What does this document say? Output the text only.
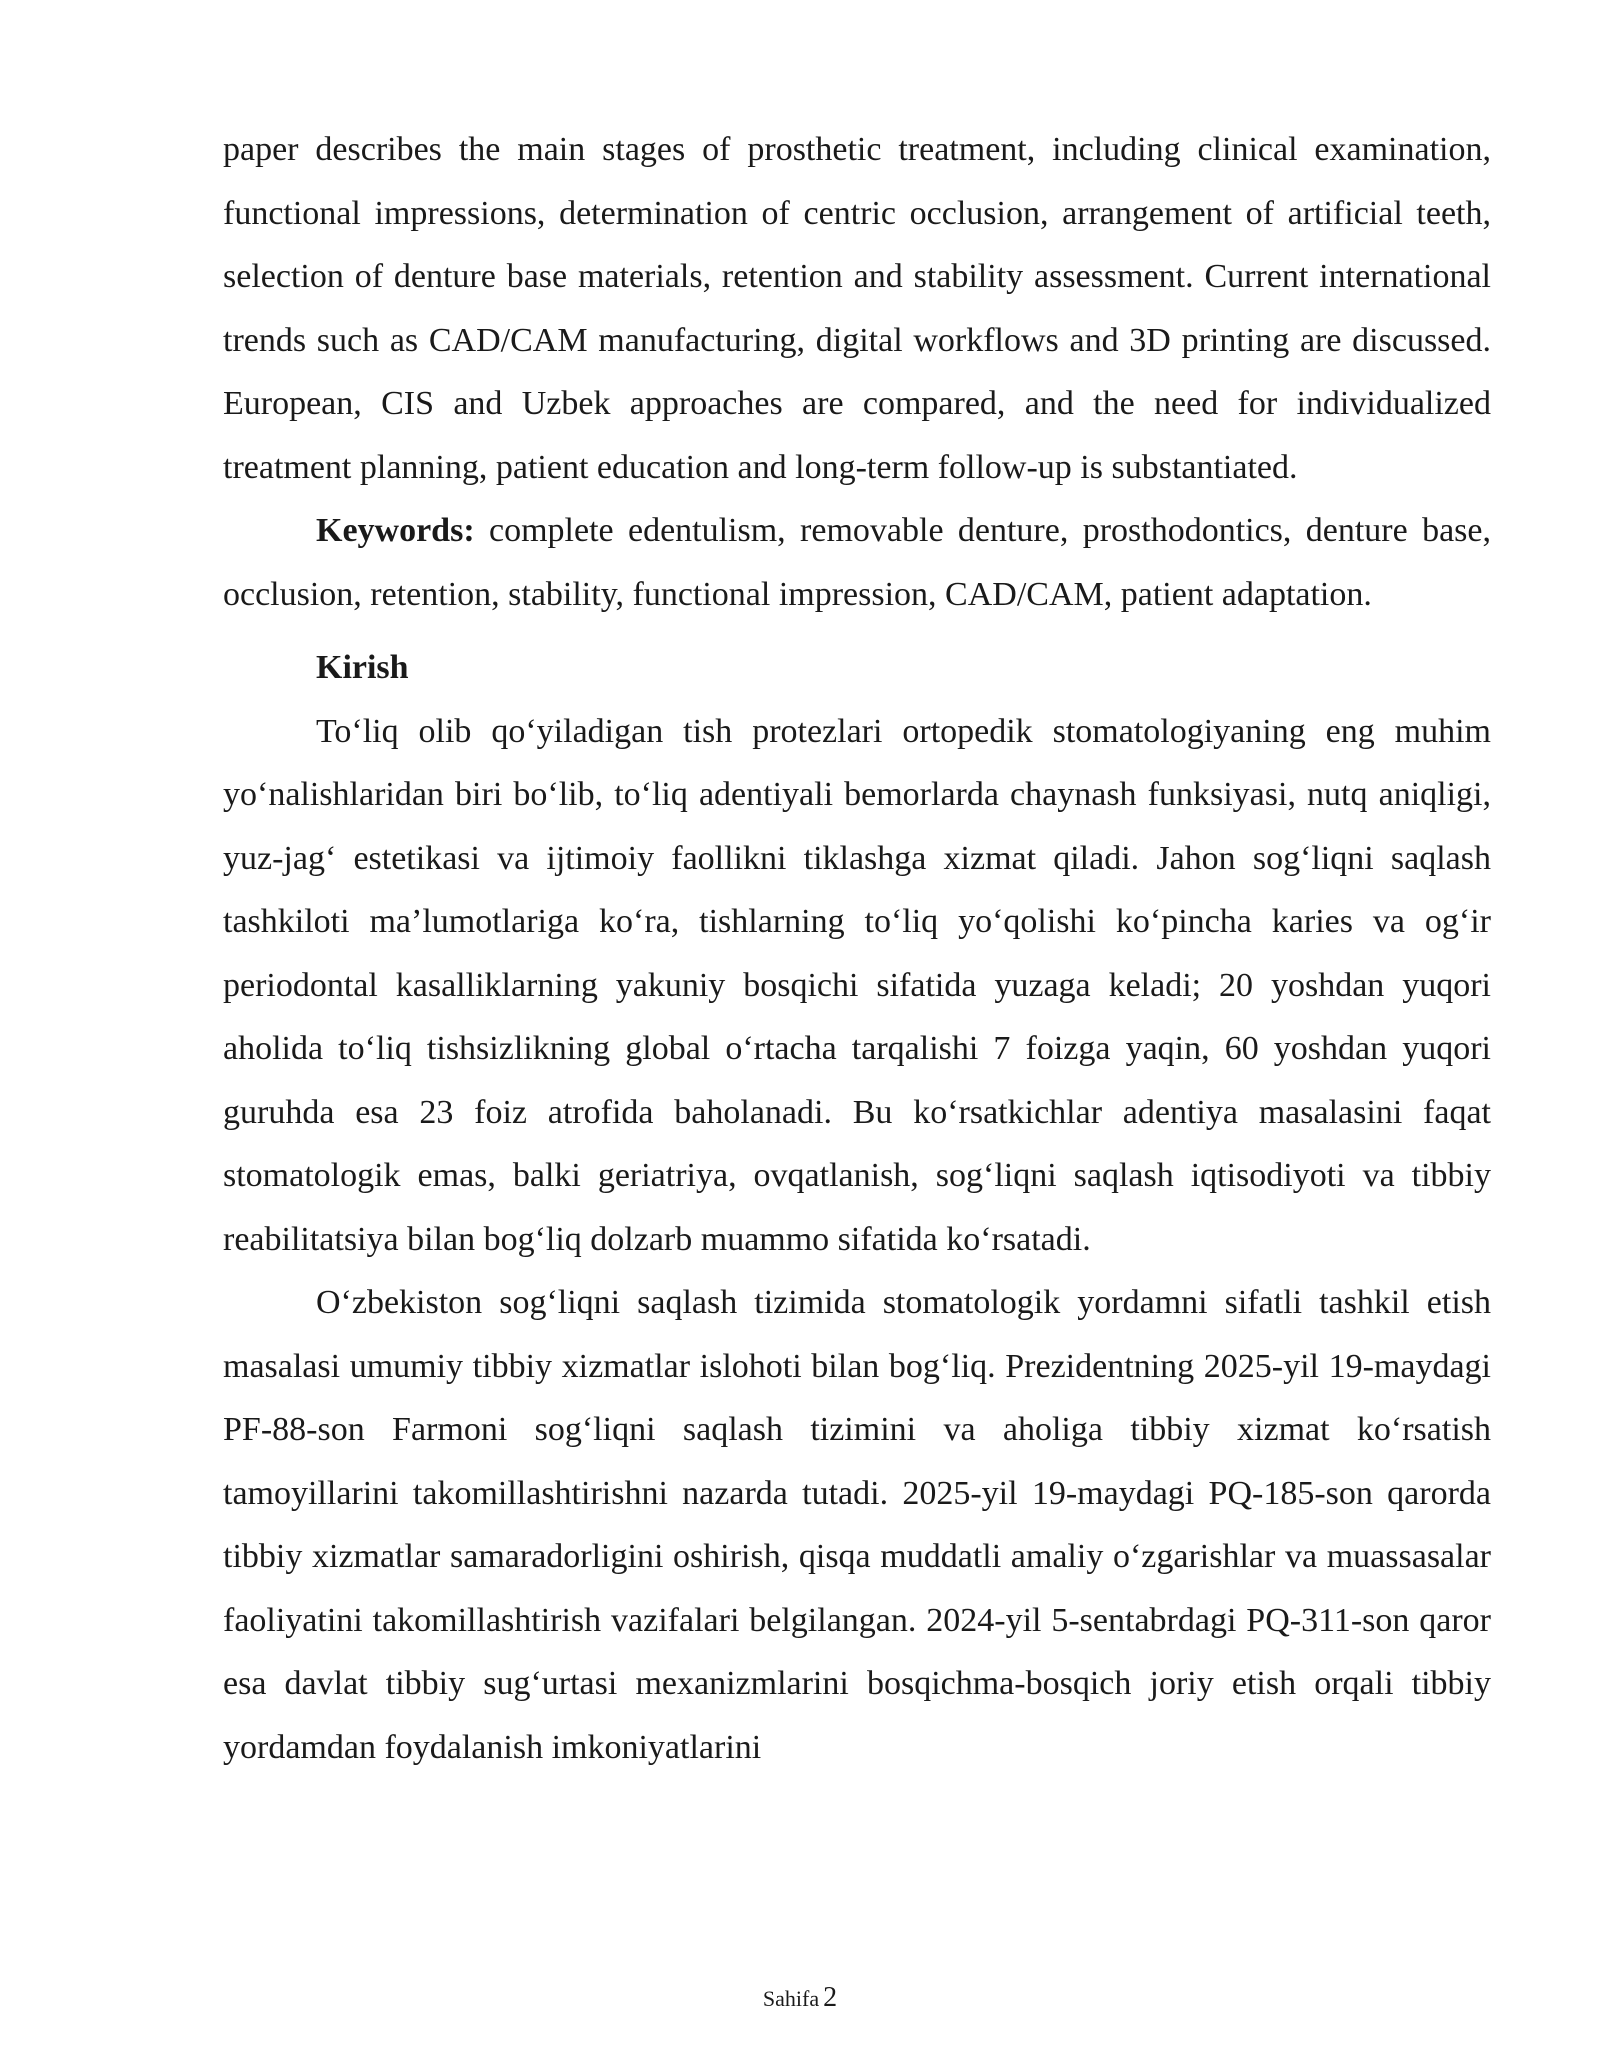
paper describes the main stages of prosthetic treatment, including clinical examination, functional impressions, determination of centric occlusion, arrangement of artificial teeth, selection of denture base materials, retention and stability assessment. Current international trends such as CAD/CAM manufacturing, digital workflows and 3D printing are discussed. European, CIS and Uzbek approaches are compared, and the need for individualized treatment planning, patient education and long-term follow-up is substantiated.

Keywords: complete edentulism, removable denture, prosthodontics, denture base, occlusion, retention, stability, functional impression, CAD/CAM, patient adaptation.

Kirish

To‘liq olib qo‘yiladigan tish protezlari ortopedik stomatologiyaning eng muhim yo‘nalishlaridan biri bo‘lib, to‘liq adentiyali bemorlarda chaynash funksiyasi, nutq aniqligi, yuz-jag‘ estetikasi va ijtimoiy faollikni tiklashga xizmat qiladi. Jahon sog‘liqni saqlash tashkiloti ma’lumotlariga ko‘ra, tishlarning to‘liq yo‘qolishi ko‘pincha karies va og‘ir periodontal kasalliklarning yakuniy bosqichi sifatida yuzaga keladi; 20 yoshdan yuqori aholida to‘liq tishsizlikning global o‘rtacha tarqalishi 7 foizga yaqin, 60 yoshdan yuqori guruhda esa 23 foiz atrofida baholanadi. Bu ko‘rsatkichlar adentiya masalasini faqat stomatologik emas, balki geriatriya, ovqatlanish, sog‘liqni saqlash iqtisodiyoti va tibbiy reabilitatsiya bilan bog‘liq dolzarb muammo sifatida ko‘rsatadi.

O‘zbekiston sog‘liqni saqlash tizimida stomatologik yordamni sifatli tashkil etish masalasi umumiy tibbiy xizmatlar islohoti bilan bog‘liq. Prezidentning 2025-yil 19-maydagi PF-88-son Farmoni sog‘liqni saqlash tizimini va aholiga tibbiy xizmat ko‘rsatish tamoyillarini takomillashtirishni nazarda tutadi. 2025-yil 19-maydagi PQ-185-son qarorda tibbiy xizmatlar samaradorligini oshirish, qisqa muddatli amaliy o‘zgarishlar va muassasalar faoliyatini takomillashtirish vazifalari belgilangan. 2024-yil 5-sentabrdagi PQ-311-son qaror esa davlat tibbiy sug‘urtasi mexanizmlarini bosqichma-bosqich joriy etish orqali tibbiy yordamdan foydalanish imkoniyatlarini

Sahifa 2
